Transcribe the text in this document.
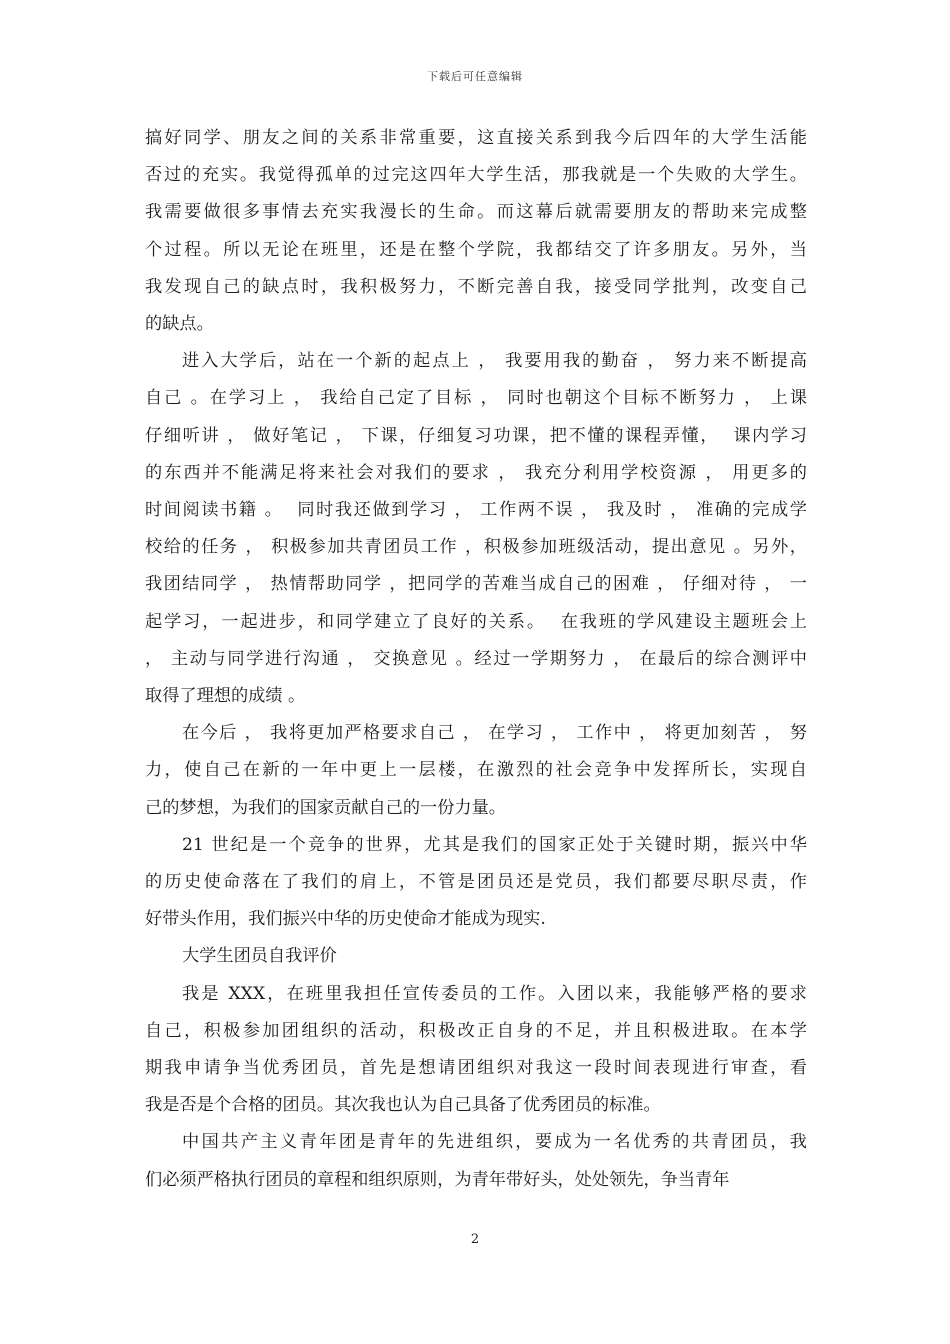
下载后可任意编辑
搞好同学、朋友之间的关系非常重要，这直接关系到我今后四年的大学生活能
否过的充实。我觉得孤单的过完这四年大学生活，那我就是一个失败的大学生。
我需要做很多事情去充实我漫长的生命。而这幕后就需要朋友的帮助来完成整
个过程。所以无论在班里，还是在整个学院，我都结交了许多朋友。另外，当
我发现自己的缺点时，我积极努力，不断完善自我，接受同学批判，改变自己
的缺点。
进入大学后，站在一个新的起点上 ， 我要用我的勤奋 ， 努力来不断提高
自己 。在学习上 ， 我给自己定了目标 ， 同时也朝这个目标不断努力 ， 上课
仔细听讲 ， 做好笔记 ， 下课，仔细复习功课，把不懂的课程弄懂，  课内学习
的东西并不能满足将来社会对我们的要求 ， 我充分利用学校资源 ， 用更多的
时间阅读书籍 。  同时我还做到学习 ， 工作两不误 ， 我及时 ， 准确的完成学
校给的任务 ， 积极参加共青团员工作 ，积极参加班级活动，提出意见 。另外，
我团结同学 ， 热情帮助同学 ，把同学的苦难当成自己的困难 ， 仔细对待 ， 一
起学习，一起进步，和同学建立了良好的关系。  在我班的学风建设主题班会上
， 主动与同学进行沟通 ， 交换意见 。经过一学期努力 ， 在最后的综合测评中
取得了理想的成绩 。
在今后 ， 我将更加严格要求自己 ， 在学习 ， 工作中 ， 将更加刻苦 ， 努
力，使自己在新的一年中更上一层楼，在激烈的社会竞争中发挥所长，实现自
己的梦想，为我们的国家贡献自己的一份力量。
21 世纪是一个竞争的世界，尤其是我们的国家正处于关键时期，振兴中华
的历史使命落在了我们的肩上，不管是团员还是党员，我们都要尽职尽责，作
好带头作用，我们振兴中华的历史使命才能成为现实.
大学生团员自我评价
我是 XXX，在班里我担任宣传委员的工作。入团以来，我能够严格的要求
自己，积极参加团组织的活动，积极改正自身的不足，并且积极进取。在本学
期我申请争当优秀团员，首先是想请团组织对我这一段时间表现进行审查，看
我是否是个合格的团员。其次我也认为自己具备了优秀团员的标准。
中国共产主义青年团是青年的先进组织，要成为一名优秀的共青团员，我
们必须严格执行团员的章程和组织原则，为青年带好头，处处领先，争当青年
2
